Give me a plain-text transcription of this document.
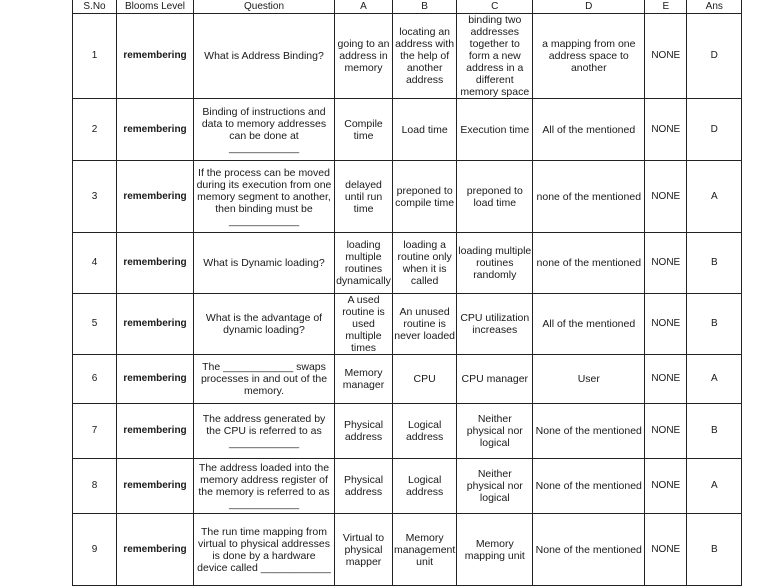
S.No	Blooms Level	Question	A	B	C	D	E	Ans
1	remembering	What is Address Binding?	going to an address in memory	locating an address with the help of another address	binding two addresses together to form a new address in a different memory space	a mapping from one address space to another	NONE	D
2	remembering	Binding of instructions and data to memory addresses can be done at ____________	Compile time	Load time	Execution time	All of the mentioned	NONE	D
3	remembering	If the process can be moved during its execution from one memory segment to another, then binding must be ____________	delayed until run time	preponed to compile time	preponed to load time	none of the mentioned	NONE	A
4	remembering	What is Dynamic loading?	loading multiple routines dynamically	loading a routine only when it is called	loading multiple routines randomly	none of the mentioned	NONE	B
5	remembering	What is the advantage of dynamic loading?	A used routine is used multiple times	An unused routine is never loaded	CPU utilization increases	All of the mentioned	NONE	B
6	remembering	The ____________ swaps processes in and out of the memory.	Memory manager	CPU	CPU manager	User	NONE	A
7	remembering	The address generated by the CPU is referred to as ____________	Physical address	Logical address	Neither physical nor logical	None of the mentioned	NONE	B
8	remembering	The address loaded into the memory address register of the memory is referred to as ____________	Physical address	Logical address	Neither physical nor logical	None of the mentioned	NONE	A
9	remembering	The run time mapping from virtual to physical addresses is done by a hardware device called ____________	Virtual to physical mapper	Memory management unit	Memory mapping unit	None of the mentioned	NONE	B
